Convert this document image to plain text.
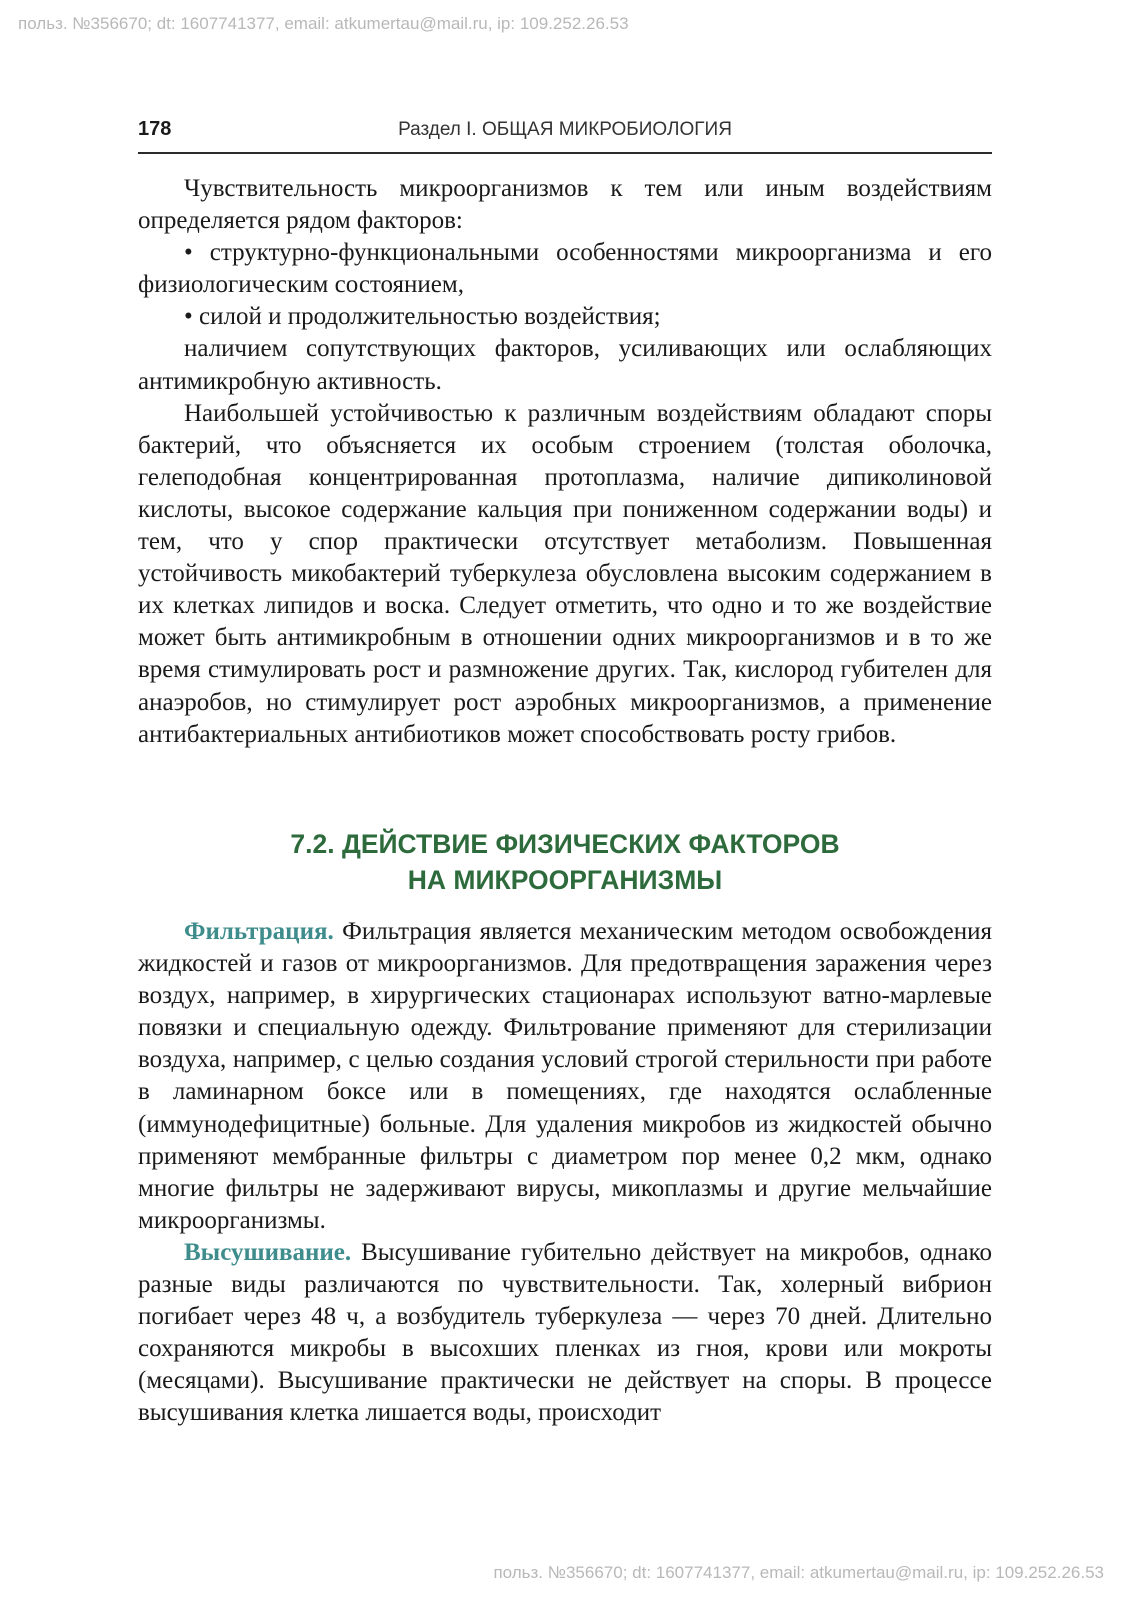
польз. №356670; dt: 1607741377, email: atkumertau@mail.ru, ip: 109.252.26.53
178	Раздел I. ОБЩАЯ МИКРОБИОЛОГИЯ

Чувствительность микроорганизмов к тем или иным воздействиям определяется рядом факторов:

• структурно-функциональными особенностями микроорганизма и его физиологическим состоянием,

• силой и продолжительностью воздействия;

наличием сопутствующих факторов, усиливающих или ослабляющих антимикробную активность.

Наибольшей устойчивостью к различным воздействиям обладают споры бактерий, что объясняется их особым строением (толстая оболочка, гелеподобная концентрированная протоплазма, наличие дипиколиновой кислоты, высокое содержание кальция при пониженном содержании воды) и тем, что у спор практически отсутствует метаболизм. Повышенная устойчивость микобактерий туберкулеза обусловлена высоким содержанием в их клетках липидов и воска. Следует отметить, что одно и то же воздействие может быть антимикробным в отношении одних микроорганизмов и в то же время стимулировать рост и размножение других. Так, кислород губителен для анаэробов, но стимулирует рост аэробных микроорганизмов, а применение антибактериальных антибиотиков может способствовать росту грибов.

7.2. ДЕЙСТВИЕ ФИЗИЧЕСКИХ ФАКТОРОВ
НА МИКРООРГАНИЗМЫ

Фильтрация. Фильтрация является механическим методом освобождения жидкостей и газов от микроорганизмов. Для предотвращения заражения через воздух, например, в хирургических стационарах используют ватно-марлевые повязки и специальную одежду. Фильтрование применяют для стерилизации воздуха, например, с целью создания условий строгой стерильности при работе в ламинарном боксе или в помещениях, где находятся ослабленные (иммунодефицитные) больные. Для удаления микробов из жидкостей обычно применяют мембранные фильтры с диаметром пор менее 0,2 мкм, однако многие фильтры не задерживают вирусы, микоплазмы и другие мельчайшие микроорганизмы.

Высушивание. Высушивание губительно действует на микробов, однако разные виды различаются по чувствительности. Так, холерный вибрион погибает через 48 ч, а возбудитель туберкулеза — через 70 дней. Длительно сохраняются микробы в высохших пленках из гноя, крови или мокроты (месяцами). Высушивание практически не действует на споры. В процессе высушивания клетка лишается воды, происходит

польз. №356670; dt: 1607741377, email: atkumertau@mail.ru, ip: 109.252.26.53
